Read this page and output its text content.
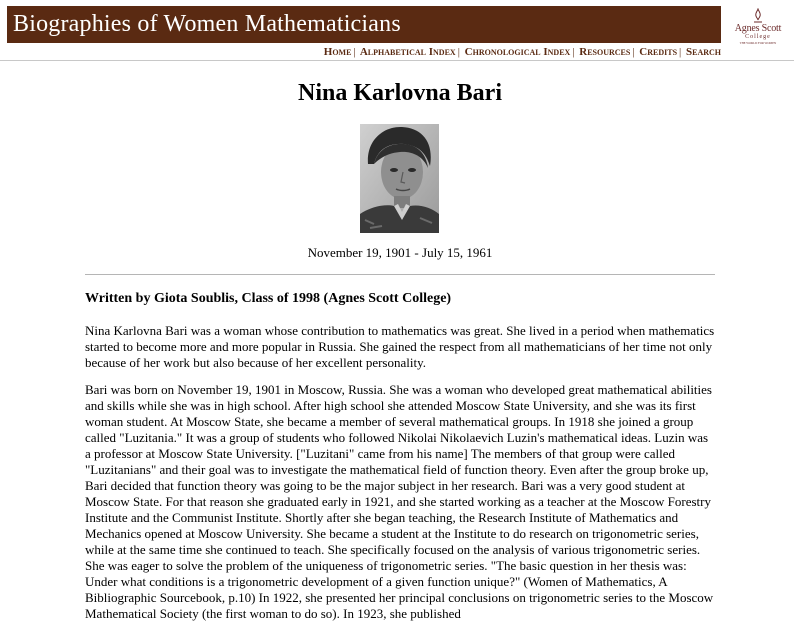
Biographies of Women Mathematicians	Agnes Scott
College
THE WORLD FOR WOMEN
Home | Alphabetical Index | Chronological Index | Resources | Credits | Search
Nina Karlovna Bari
November 19, 1901 - July 15, 1961
Written by Giota Soublis, Class of 1998 (Agnes Scott College)

Nina Karlovna Bari was a woman whose contribution to mathematics was great. She lived in a period when mathematics started to become more and more popular in Russia. She gained the respect from all mathematicians of her time not only because of her work but also because of her excellent personality.

Bari was born on November 19, 1901 in Moscow, Russia. She was a woman who developed great mathematical abilities and skills while she was in high school. After high school she attended Moscow State University, and she was its first woman student. At Moscow State, she became a member of several mathematical groups. In 1918 she joined a group called "Luzitania." It was a group of students who followed Nikolai Nikolaevich Luzin's mathematical ideas. Luzin was a professor at Moscow State University. ["Luzitani" came from his name] The members of that group were called "Luzitanians" and their goal was to investigate the mathematical field of function theory. Even after the group broke up, Bari decided that function theory was going to be the major subject in her research. Bari was a very good student at Moscow State. For that reason she graduated early in 1921, and she started working as a teacher at the Moscow Forestry Institute and the Communist Institute. Shortly after she began teaching, the Research Institute of Mathematics and Mechanics opened at Moscow University. She became a student at the Institute to do research on trigonometric series, while at the same time she continued to teach. She specifically focused on the analysis of various trigonometric series. She was eager to solve the problem of the uniqueness of trigonometric series. "The basic question in her thesis was: Under what conditions is a trigonometric development of a given function unique?" (Women of Mathematics, A Bibliographic Sourcebook, p.10) In 1922, she presented her principal conclusions on trigonometric series to the Moscow Mathematical Society (the first woman to do so). In 1923, she published
